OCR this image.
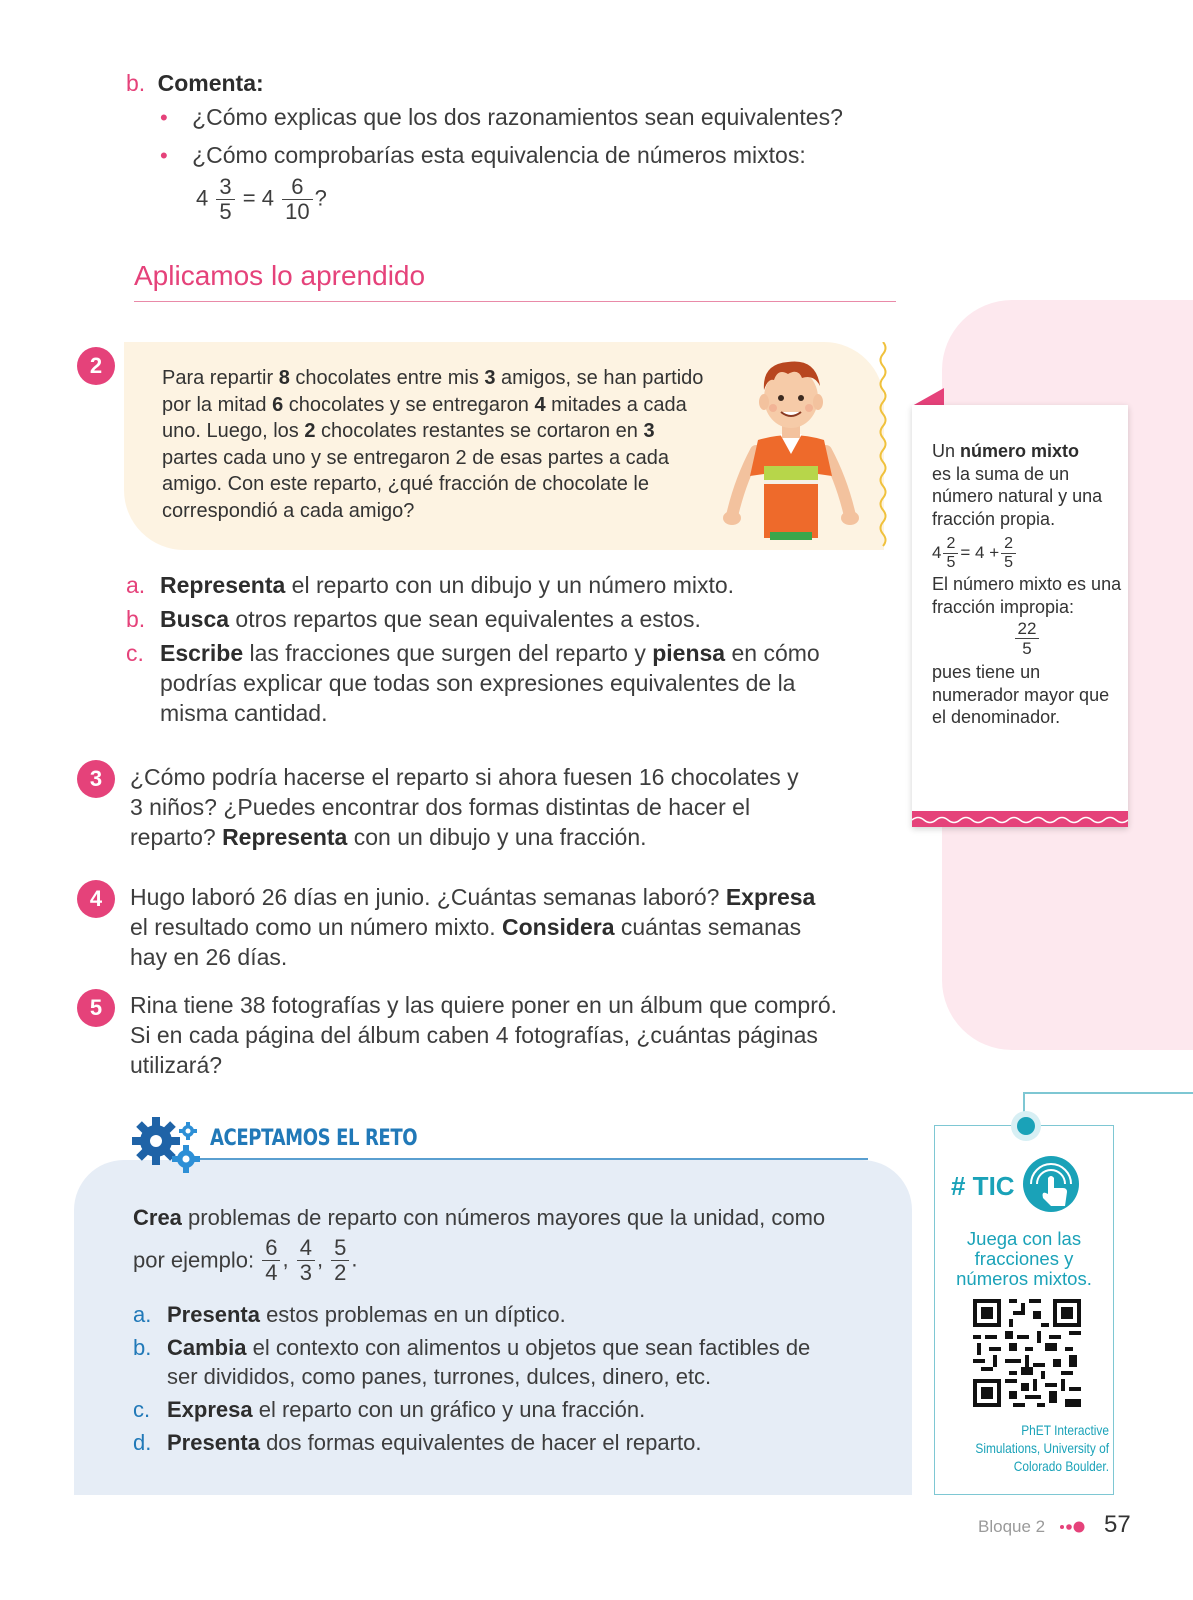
Un número mixto
es la suma de un número natural y una fracción propia.
$4 \frac{2}{5} = 4 + \frac{2}{5}$
El número mixto es una fracción impropia:
$\frac{22}{5}$
pues tiene un numerador mayor que el denominador.
b. Comenta:
• ¿Cómo explicas que los dos razonamientos sean equivalentes?
• ¿Cómo comprobarías esta equivalencia de números mixtos:
$4 \frac{3}{5} = 4 \frac{6}{10}$ ?
Aplicamos lo aprendido
2	Para repartir 8 chocolates entre mis 3 amigos, se han partido por la mitad 6 chocolates y se entregaron 4 mitades a cada uno. Luego, los 2 chocolates restantes se cortaron en 3 partes cada uno y se entregaron 2 de esas partes a cada amigo. Con este reparto, ¿qué fracción de chocolate le correspondió a cada amigo?
a. Representa el reparto con un dibujo y un número mixto.
b. Busca otros repartos que sean equivalentes a estos.
c. Escribe las fracciones que surgen del reparto y piensa en cómo podrías explicar que todas son expresiones equivalentes de la misma cantidad.
3	¿Cómo podría hacerse el reparto si ahora fuesen 16 chocolates y 3 niños? ¿Puedes encontrar dos formas distintas de hacer el reparto? Representa con un dibujo y una fracción.
4	Hugo laboró 26 días en junio. ¿Cuántas semanas laboró? Expresa el resultado como un número mixto. Considera cuántas semanas hay en 26 días.
5	Rina tiene 38 fotografías y las quiere poner en un álbum que compró. Si en cada página del álbum caben 4 fotografías, ¿cuántas páginas utilizará?
ACEPTAMOS EL RETO
Crea problemas de reparto con números mayores que la unidad, como
por ejemplo: $\frac{6}{4}$ , $\frac{4}{3}$ , $\frac{5}{2}$ .
a. Presenta estos problemas en un díptico.
b. Cambia el contexto con alimentos u objetos que sean factibles de ser divididos, como panes, turrones, dulces, dinero, etc.
c. Expresa el reparto con un gráfico y una fracción.
d. Presenta dos formas equivalentes de hacer el reparto.
# TIC
Juega con las fracciones y números mixtos.
PhET Interactive Simulations, University of Colorado Boulder.
Bloque 2 57
